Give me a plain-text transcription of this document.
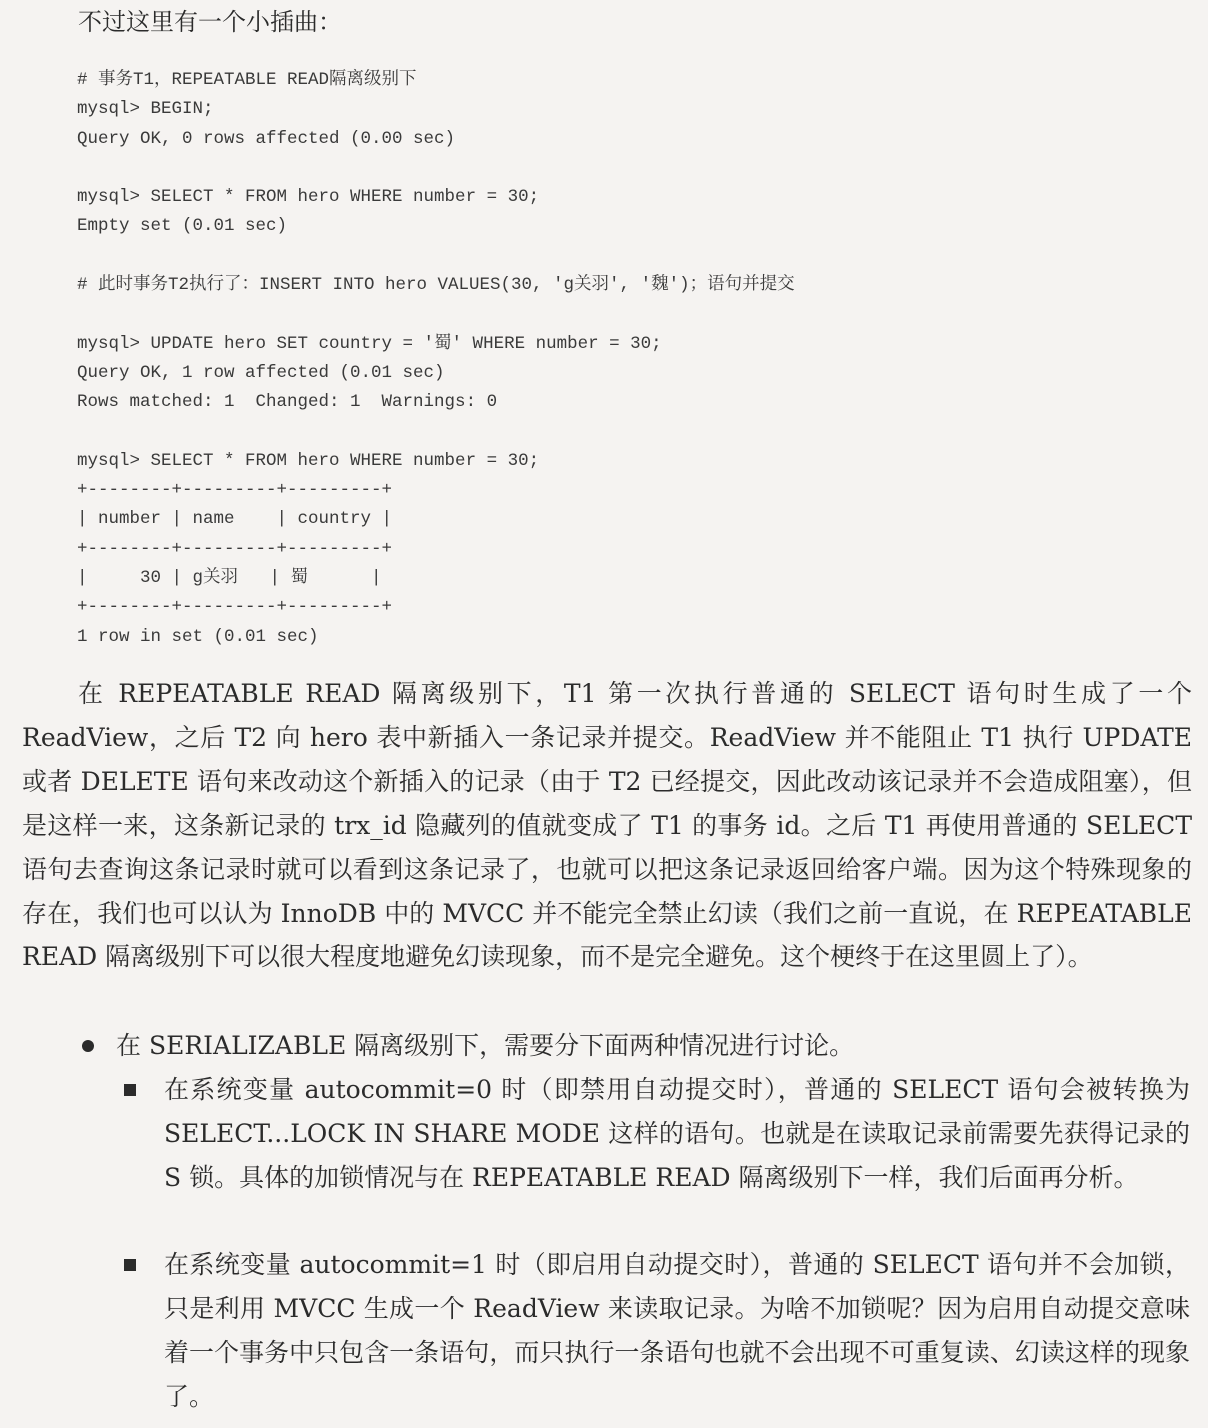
不过这里有一个小插曲：

# 事务T1，REPEATABLE READ隔离级别下
mysql> BEGIN;
Query OK, 0 rows affected (0.00 sec)
mysql> SELECT * FROM hero WHERE number = 30;
Empty set (0.01 sec)
# 此时事务T2执行了：INSERT INTO hero VALUES(30, 'g关羽', '魏')；语句并提交
mysql> UPDATE hero SET country = '蜀' WHERE number = 30;
Query OK, 1 row affected (0.01 sec)
Rows matched: 1  Changed: 1  Warnings: 0
mysql> SELECT * FROM hero WHERE number = 30;
+--------+---------+---------+
| number | name    | country |
+--------+---------+---------+
|     30 | g关羽   | 蜀      |
+--------+---------+---------+
1 row in set (0.01 sec)

在 REPEATABLE READ 隔离级别下，T1 第一次执行普通的 SELECT 语句时生成了一个 ReadView，之后 T2 向 hero 表中新插入一条记录并提交。ReadView 并不能阻止 T1 执行 UPDATE 或者 DELETE 语句来改动这个新插入的记录（由于 T2 已经提交，因此改动该记录并不会造成阻塞），但是这样一来，这条新记录的 trx_id 隐藏列的值就变成了 T1 的事务 id。之后 T1 再使用普通的 SELECT 语句去查询这条记录时就可以看到这条记录了，也就可以把这条记录返回给客户端。因为这个特殊现象的存在，我们也可以认为 InnoDB 中的 MVCC 并不能完全禁止幻读（我们之前一直说，在 REPEATABLE READ 隔离级别下可以很大程度地避免幻读现象，而不是完全避免。这个梗终于在这里圆上了）。

在 SERIALIZABLE 隔离级别下，需要分下面两种情况进行讨论。
在系统变量 autocommit=0 时（即禁用自动提交时），普通的 SELECT 语句会被转换为 SELECT...LOCK IN SHARE MODE 这样的语句。也就是在读取记录前需要先获得记录的 S 锁。具体的加锁情况与在 REPEATABLE READ 隔离级别下一样，我们后面再分析。
在系统变量 autocommit=1 时（即启用自动提交时），普通的 SELECT 语句并不会加锁，只是利用 MVCC 生成一个 ReadView 来读取记录。为啥不加锁呢？因为启用自动提交意味着一个事务中只包含一条语句，而只执行一条语句也就不会出现不可重复读、幻读这样的现象了。
